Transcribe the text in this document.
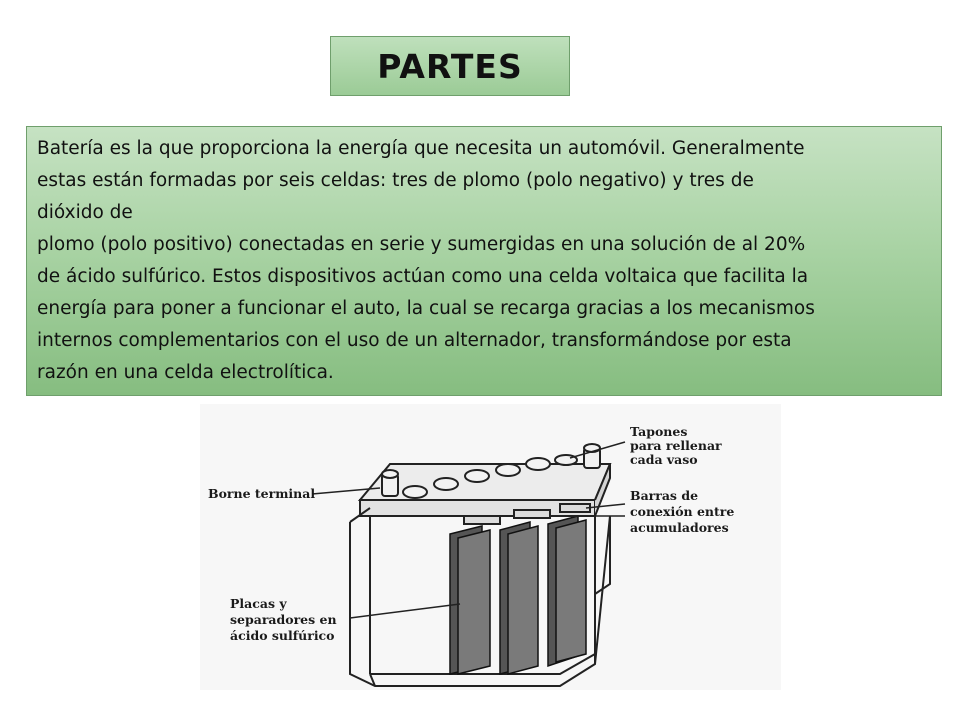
PARTES

Batería es la que proporciona la energía que necesita un automóvil. Generalmente
estas están formadas por seis celdas: tres de plomo (polo negativo) y tres de
dióxido de
plomo (polo positivo) conectadas en serie y sumergidas en una solución de al 20%
de ácido sulfúrico. Estos dispositivos actúan como una celda voltaica que facilita la
energía para poner a funcionar el auto, la cual se recarga gracias a los mecanismos
internos complementarios con el uso de un alternador, transformándose por esta
razón en una celda electrolítica.

Borne terminal
Tapones
para rellenar
cada vaso
Barras de
conexión entre
acumuladores
Placas y
separadores en
ácido sulfúrico
